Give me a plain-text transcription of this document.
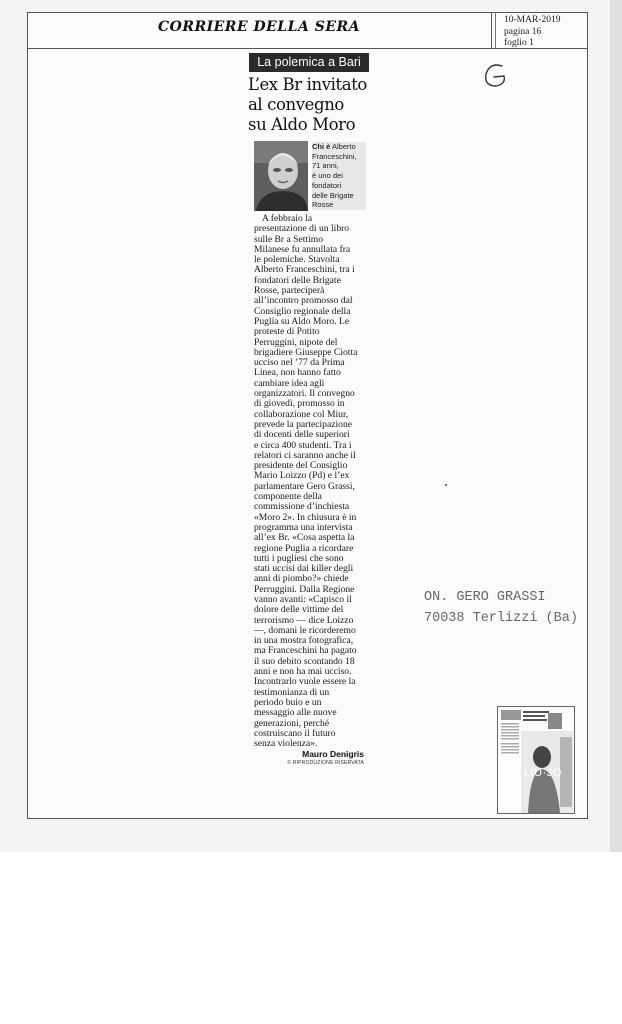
CORRIERE DELLA SERA	10-MAR-2019
pagina 16
foglio 1
La polemica a Bari
L’ex Br invitato
al convegno
su Aldo Moro
Chi è Alberto
Franceschini,
71 anni,
è uno dei
fondatori
delle Brigate
Rosse
A febbraio la
presentazione di un libro
sulle Br a Settimo
Milanese fu annullata fra
le polemiche. Stavolta
Alberto Franceschini, tra i
fondatori delle Brigate
Rosse, parteciperà
all’incontro promosso dal
Consiglio regionale della
Puglia su Aldo Moro. Le
proteste di Potito
Perruggini, nipote del
brigadiere Giuseppe Ciotta
ucciso nel ’77 da Prima
Linea, non hanno fatto
cambiare idea agli
organizzatori. Il convegno
di giovedì, promosso in
collaborazione col Miur,
prevede la partecipazione
di docenti delle superiori
e circa 400 studenti. Tra i
relatori ci saranno anche il
presidente del Consiglio
Mario Loizzo (Pd) e l’ex
parlamentare Gero Grassi,
componente della
commissione d’inchiesta
«Moro 2». In chiusura è in
programma una intervista
all’ex Br. «Cosa aspetta la
regione Puglia a ricordare
tutti i pugliesi che sono
stati uccisi dai killer degli
anni di piombo?» chiede
Perruggini. Dalla Regione
vanno avanti: «Capisco il
dolore delle vittime del
terrorismo — dice Loizzo
—, domani le ricorderemo
in una mostra fotografica,
ma Franceschini ha pagato
il suo debito scontando 18
anni e non ha mai ucciso.
Incontrarlo vuole essere la
testimonianza di un
periodo buio e un
messaggio alle nuove
generazioni, perché
costruiscano il futuro
senza violenza».
Mauro Denigris
© RIPRODUZIONE RISERVATA
ON. GERO GRASSI
70038 Terlizzi (Ba)
LIU·JO
